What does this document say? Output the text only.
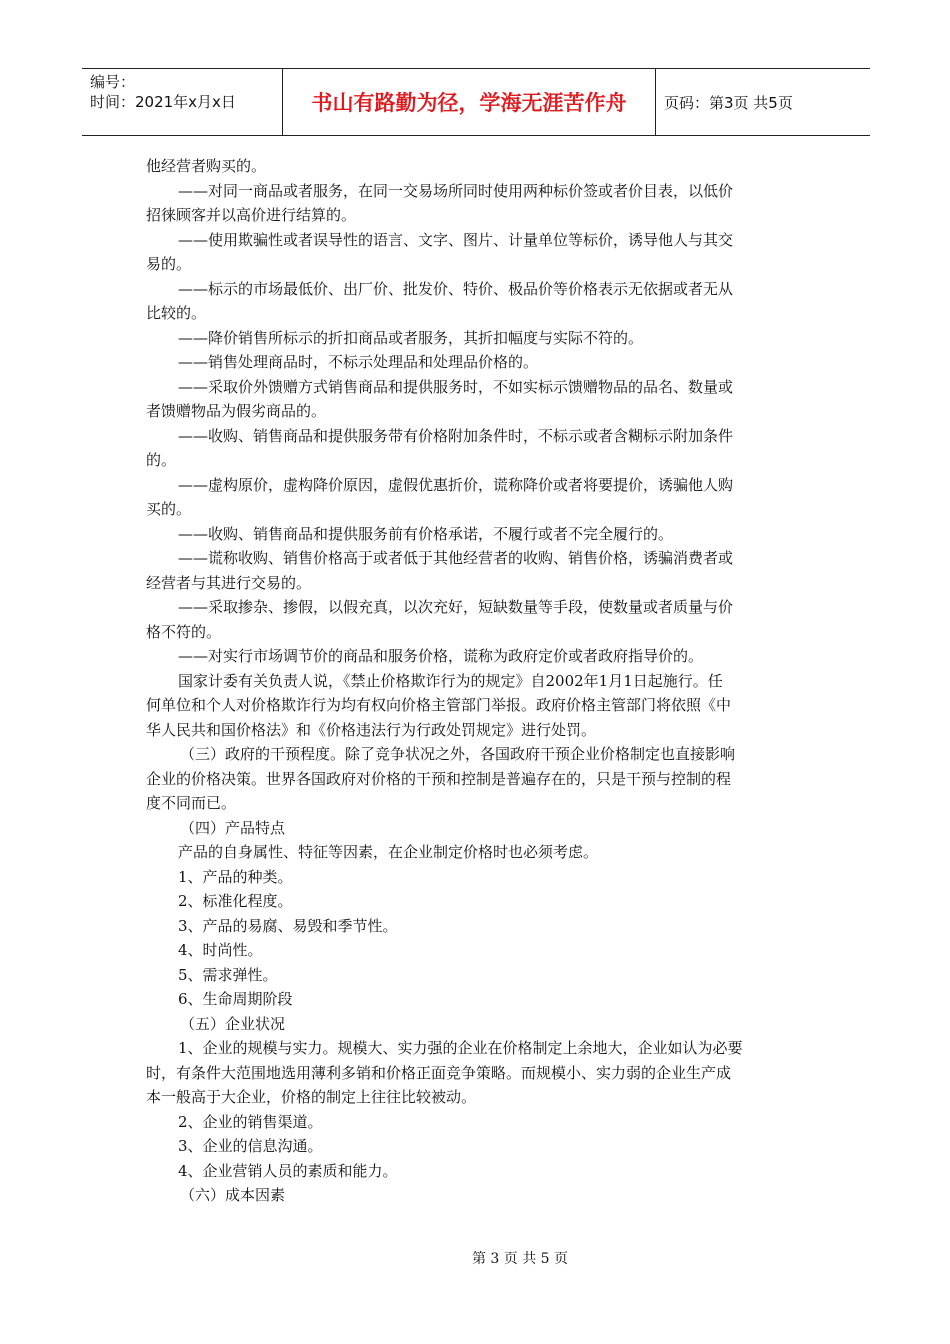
编号：
时间：2021年x月x日	书山有路勤为径，学海无涯苦作舟	页码：第3页 共5页
他经营者购买的。
——对同一商品或者服务，在同一交易场所同时使用两种标价签或者价目表，以低价
招徕顾客并以高价进行结算的。
——使用欺骗性或者误导性的语言、文字、图片、计量单位等标价，诱导他人与其交
易的。
——标示的市场最低价、出厂价、批发价、特价、极品价等价格表示无依据或者无从
比较的。
——降价销售所标示的折扣商品或者服务，其折扣幅度与实际不符的。
——销售处理商品时，不标示处理品和处理品价格的。
——采取价外馈赠方式销售商品和提供服务时，不如实标示馈赠物品的品名、数量或
者馈赠物品为假劣商品的。
——收购、销售商品和提供服务带有价格附加条件时，不标示或者含糊标示附加条件
的。
——虚构原价，虚构降价原因，虚假优惠折价，谎称降价或者将要提价，诱骗他人购
买的。
——收购、销售商品和提供服务前有价格承诺，不履行或者不完全履行的。
——谎称收购、销售价格高于或者低于其他经营者的收购、销售价格，诱骗消费者或
经营者与其进行交易的。
——采取掺杂、掺假，以假充真，以次充好，短缺数量等手段，使数量或者质量与价
格不符的。
——对实行市场调节价的商品和服务价格，谎称为政府定价或者政府指导价的。
国家计委有关负责人说，《禁止价格欺诈行为的规定》自2002年1月1日起施行。任
何单位和个人对价格欺诈行为均有权向价格主管部门举报。政府价格主管部门将依照《中
华人民共和国价格法》和《价格违法行为行政处罚规定》进行处罚。
（三）政府的干预程度。除了竞争状况之外，各国政府干预企业价格制定也直接影响
企业的价格决策。世界各国政府对价格的干预和控制是普遍存在的，只是干预与控制的程
度不同而已。
（四）产品特点
产品的自身属性、特征等因素，在企业制定价格时也必须考虑。
1、产品的种类。
2、标准化程度。
3、产品的易腐、易毁和季节性。
4、时尚性。
5、需求弹性。
6、生命周期阶段
（五）企业状况
1、企业的规模与实力。规模大、实力强的企业在价格制定上余地大，企业如认为必要
时，有条件大范围地选用薄利多销和价格正面竞争策略。而规模小、实力弱的企业生产成
本一般高于大企业，价格的制定上往往比较被动。
2、企业的销售渠道。
3、企业的信息沟通。
4、企业营销人员的素质和能力。
（六）成本因素
第 3 页 共 5 页
